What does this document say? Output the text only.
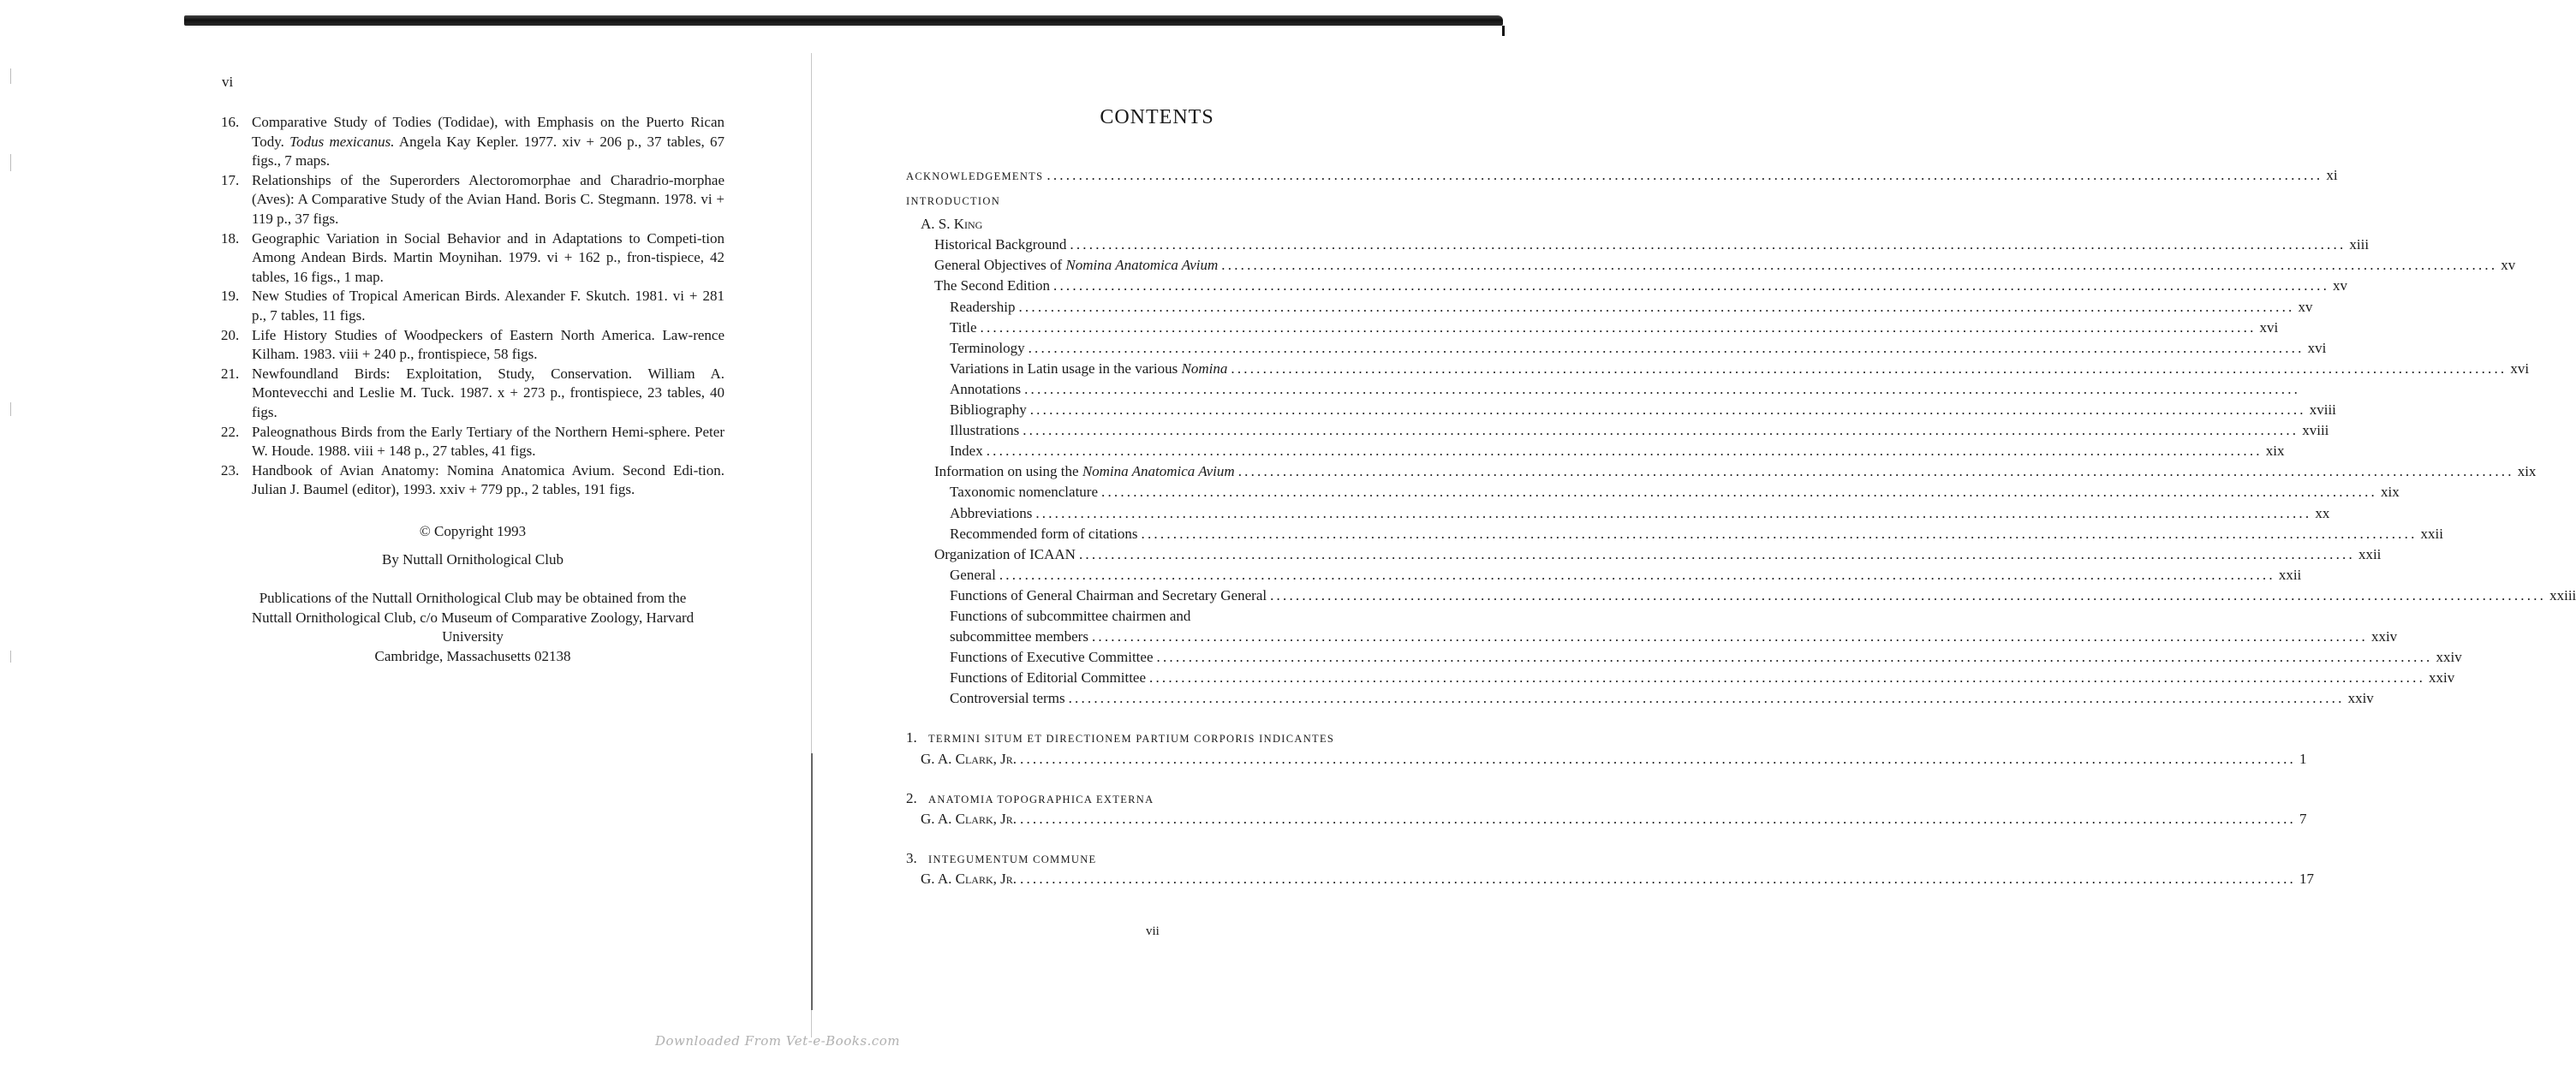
vi
16. Comparative Study of Todies (Todidae), with Emphasis on the Puerto Rican Tody. Todus mexicanus. Angela Kay Kepler. 1977. xiv + 206 p., 37 tables, 67 figs., 7 maps.
17. Relationships of the Superorders Alectoromorphae and Charadrio-morphae (Aves): A Comparative Study of the Avian Hand. Boris C. Stegmann. 1978. vi + 119 p., 37 figs.
18. Geographic Variation in Social Behavior and in Adaptations to Competi-tion Among Andean Birds. Martin Moynihan. 1979. vi + 162 p., fron-tispiece, 42 tables, 16 figs., 1 map.
19. New Studies of Tropical American Birds. Alexander F. Skutch. 1981. vi + 281 p., 7 tables, 11 figs.
20. Life History Studies of Woodpeckers of Eastern North America. Law-rence Kilham. 1983. viii + 240 p., frontispiece, 58 figs.
21. Newfoundland Birds: Exploitation, Study, Conservation. William A. Montevecchi and Leslie M. Tuck. 1987. x + 273 p., frontispiece, 23 tables, 40 figs.
22. Paleognathous Birds from the Early Tertiary of the Northern Hemi-sphere. Peter W. Houde. 1988. viii + 148 p., 27 tables, 41 figs.
23. Handbook of Avian Anatomy: Nomina Anatomica Avium. Second Edi-tion. Julian J. Baumel (editor), 1993. xxiv + 779 pp., 2 tables, 191 figs.
© Copyright 1993
By Nuttall Ornithological Club
Publications of the Nuttall Ornithological Club may be obtained from the
Nuttall Ornithological Club, c/o Museum of Comparative Zoology, Harvard
University
Cambridge, Massachusetts 02138
CONTENTS
ACKNOWLEDGEMENTS ........................................................................................................................................................................................................ xi
INTRODUCTION
A. S. King
Historical Background ........................................................................................................................................................................................................ xiii
General Objectives of Nomina Anatomica Avium ........................................................................................................................................................................................................ xv
The Second Edition ........................................................................................................................................................................................................ xv
Readership ........................................................................................................................................................................................................ xv
Title ........................................................................................................................................................................................................ xvi
Terminology ........................................................................................................................................................................................................ xvi
Variations in Latin usage in the various Nomina ........................................................................................................................................................................................................ xvi
Annotations ........................................................................................................................................................................................................
Bibliography ........................................................................................................................................................................................................ xviii
Illustrations ........................................................................................................................................................................................................ xviii
Index ........................................................................................................................................................................................................ xix
Information on using the Nomina Anatomica Avium ........................................................................................................................................................................................................ xix
Taxonomic nomenclature ........................................................................................................................................................................................................ xix
Abbreviations ........................................................................................................................................................................................................ xx
Recommended form of citations ........................................................................................................................................................................................................ xxii
Organization of ICAAN ........................................................................................................................................................................................................ xxii
General ........................................................................................................................................................................................................ xxii
Functions of General Chairman and Secretary General ........................................................................................................................................................................................................ xxiii
Functions of subcommittee chairmen and
subcommittee members ........................................................................................................................................................................................................ xxiv
Functions of Executive Committee ........................................................................................................................................................................................................ xxiv
Functions of Editorial Committee ........................................................................................................................................................................................................ xxiv
Controversial terms ........................................................................................................................................................................................................ xxiv
1. TERMINI SITUM ET DIRECTIONEM PARTIUM CORPORIS INDICANTES
G. A. Clark, Jr. ........................................................................................................................................................................................................ 1
2. ANATOMIA TOPOGRAPHICA EXTERNA
G. A. Clark, Jr. ........................................................................................................................................................................................................ 7
3. INTEGUMENTUM COMMUNE
G. A. Clark, Jr. ........................................................................................................................................................................................................ 17
vii
Downloaded From Vet-e-Books.com
